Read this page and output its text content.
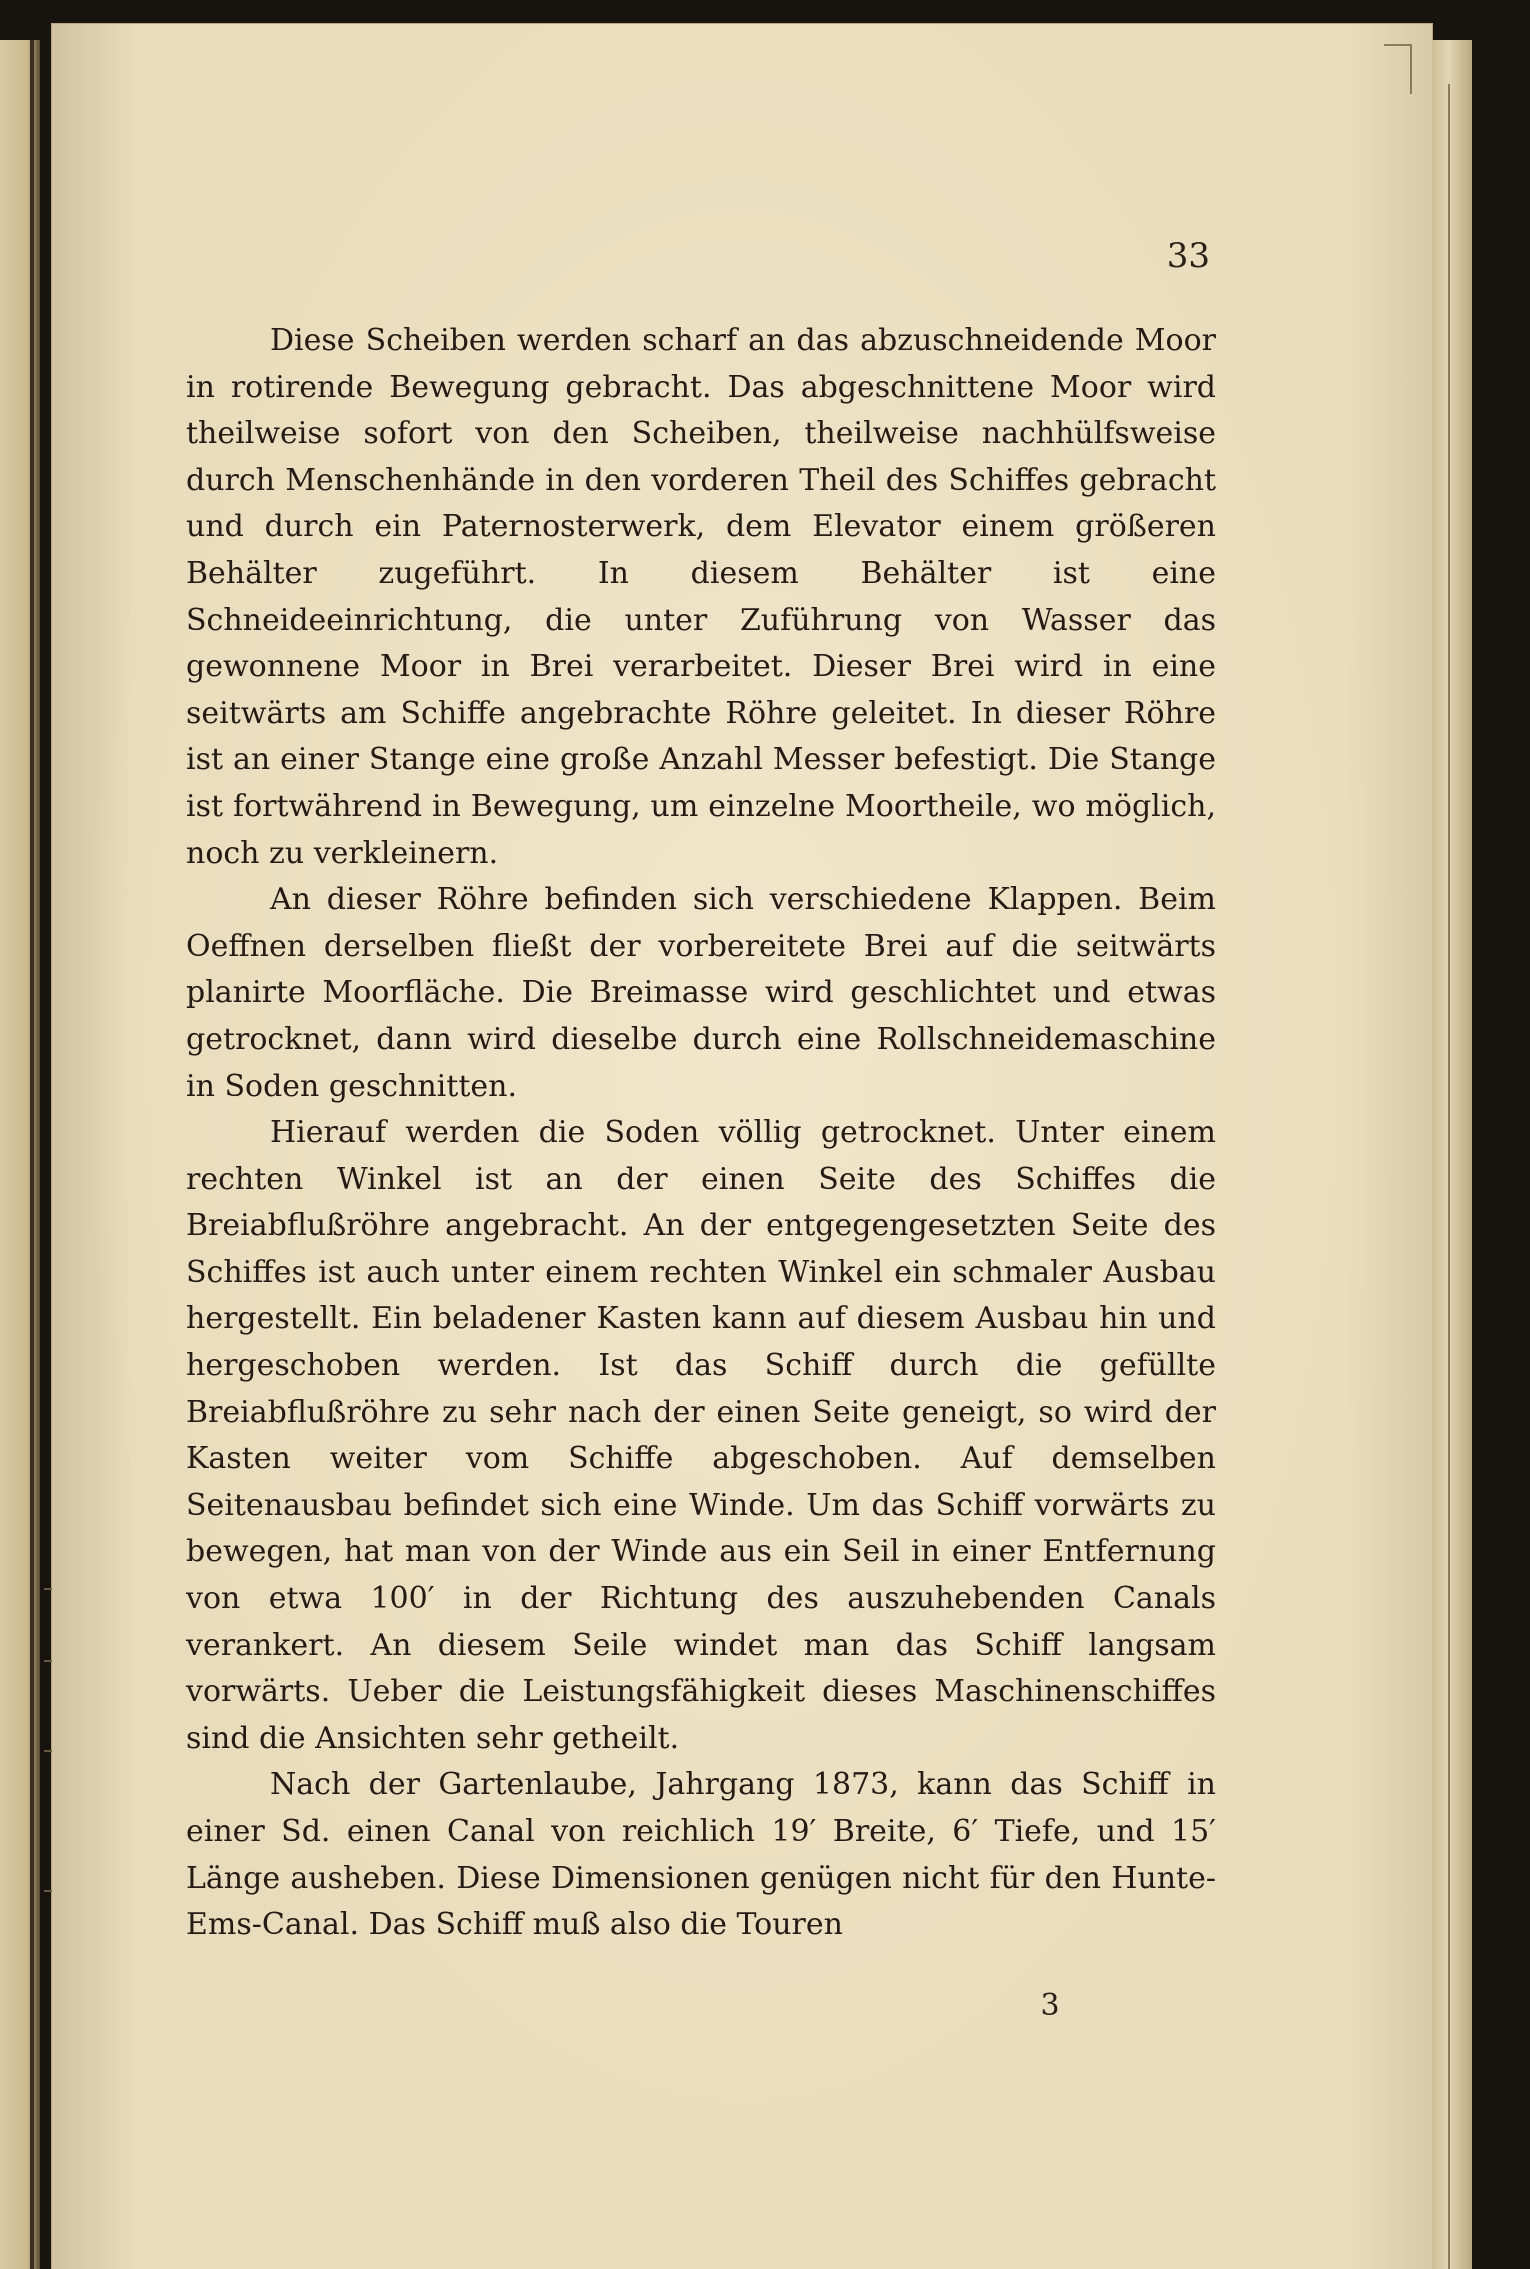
33

Diese Scheiben werden scharf an das abzuschneidende Moor in rotirende Bewegung gebracht. Das abgeschnittene Moor wird theilweise sofort von den Scheiben, theilweise nachhülfsweise durch Menschenhände in den vorderen Theil des Schiffes gebracht und durch ein Paternosterwerk, dem Elevator einem größeren Behälter zugeführt. In diesem Behälter ist eine Schneideeinrichtung, die unter Zuführung von Wasser das gewonnene Moor in Brei verarbeitet. Dieser Brei wird in eine seitwärts am Schiffe angebrachte Röhre geleitet. In dieser Röhre ist an einer Stange eine große Anzahl Messer befestigt. Die Stange ist fortwährend in Bewegung, um einzelne Moortheile, wo möglich, noch zu verkleinern.

An dieser Röhre befinden sich verschiedene Klappen. Beim Oeffnen derselben fließt der vorbereitete Brei auf die seitwärts planirte Moorfläche. Die Breimasse wird geschlichtet und etwas getrocknet, dann wird dieselbe durch eine Rollschneidemaschine in Soden geschnitten.

Hierauf werden die Soden völlig getrocknet. Unter einem rechten Winkel ist an der einen Seite des Schiffes die Breiabflußröhre angebracht. An der entgegengesetzten Seite des Schiffes ist auch unter einem rechten Winkel ein schmaler Ausbau hergestellt. Ein beladener Kasten kann auf diesem Ausbau hin und hergeschoben werden. Ist das Schiff durch die gefüllte Breiabflußröhre zu sehr nach der einen Seite geneigt, so wird der Kasten weiter vom Schiffe abgeschoben. Auf demselben Seitenausbau befindet sich eine Winde. Um das Schiff vorwärts zu bewegen, hat man von der Winde aus ein Seil in einer Entfernung von etwa 100′ in der Richtung des auszuhebenden Canals verankert. An diesem Seile windet man das Schiff langsam vorwärts. Ueber die Leistungsfähigkeit dieses Maschinenschiffes sind die Ansichten sehr getheilt.

Nach der Gartenlaube, Jahrgang 1873, kann das Schiff in einer Sd. einen Canal von reichlich 19′ Breite, 6′ Tiefe, und 15′ Länge ausheben. Diese Dimensionen genügen nicht für den Hunte-Ems-Canal. Das Schiff muß also die Touren

3
